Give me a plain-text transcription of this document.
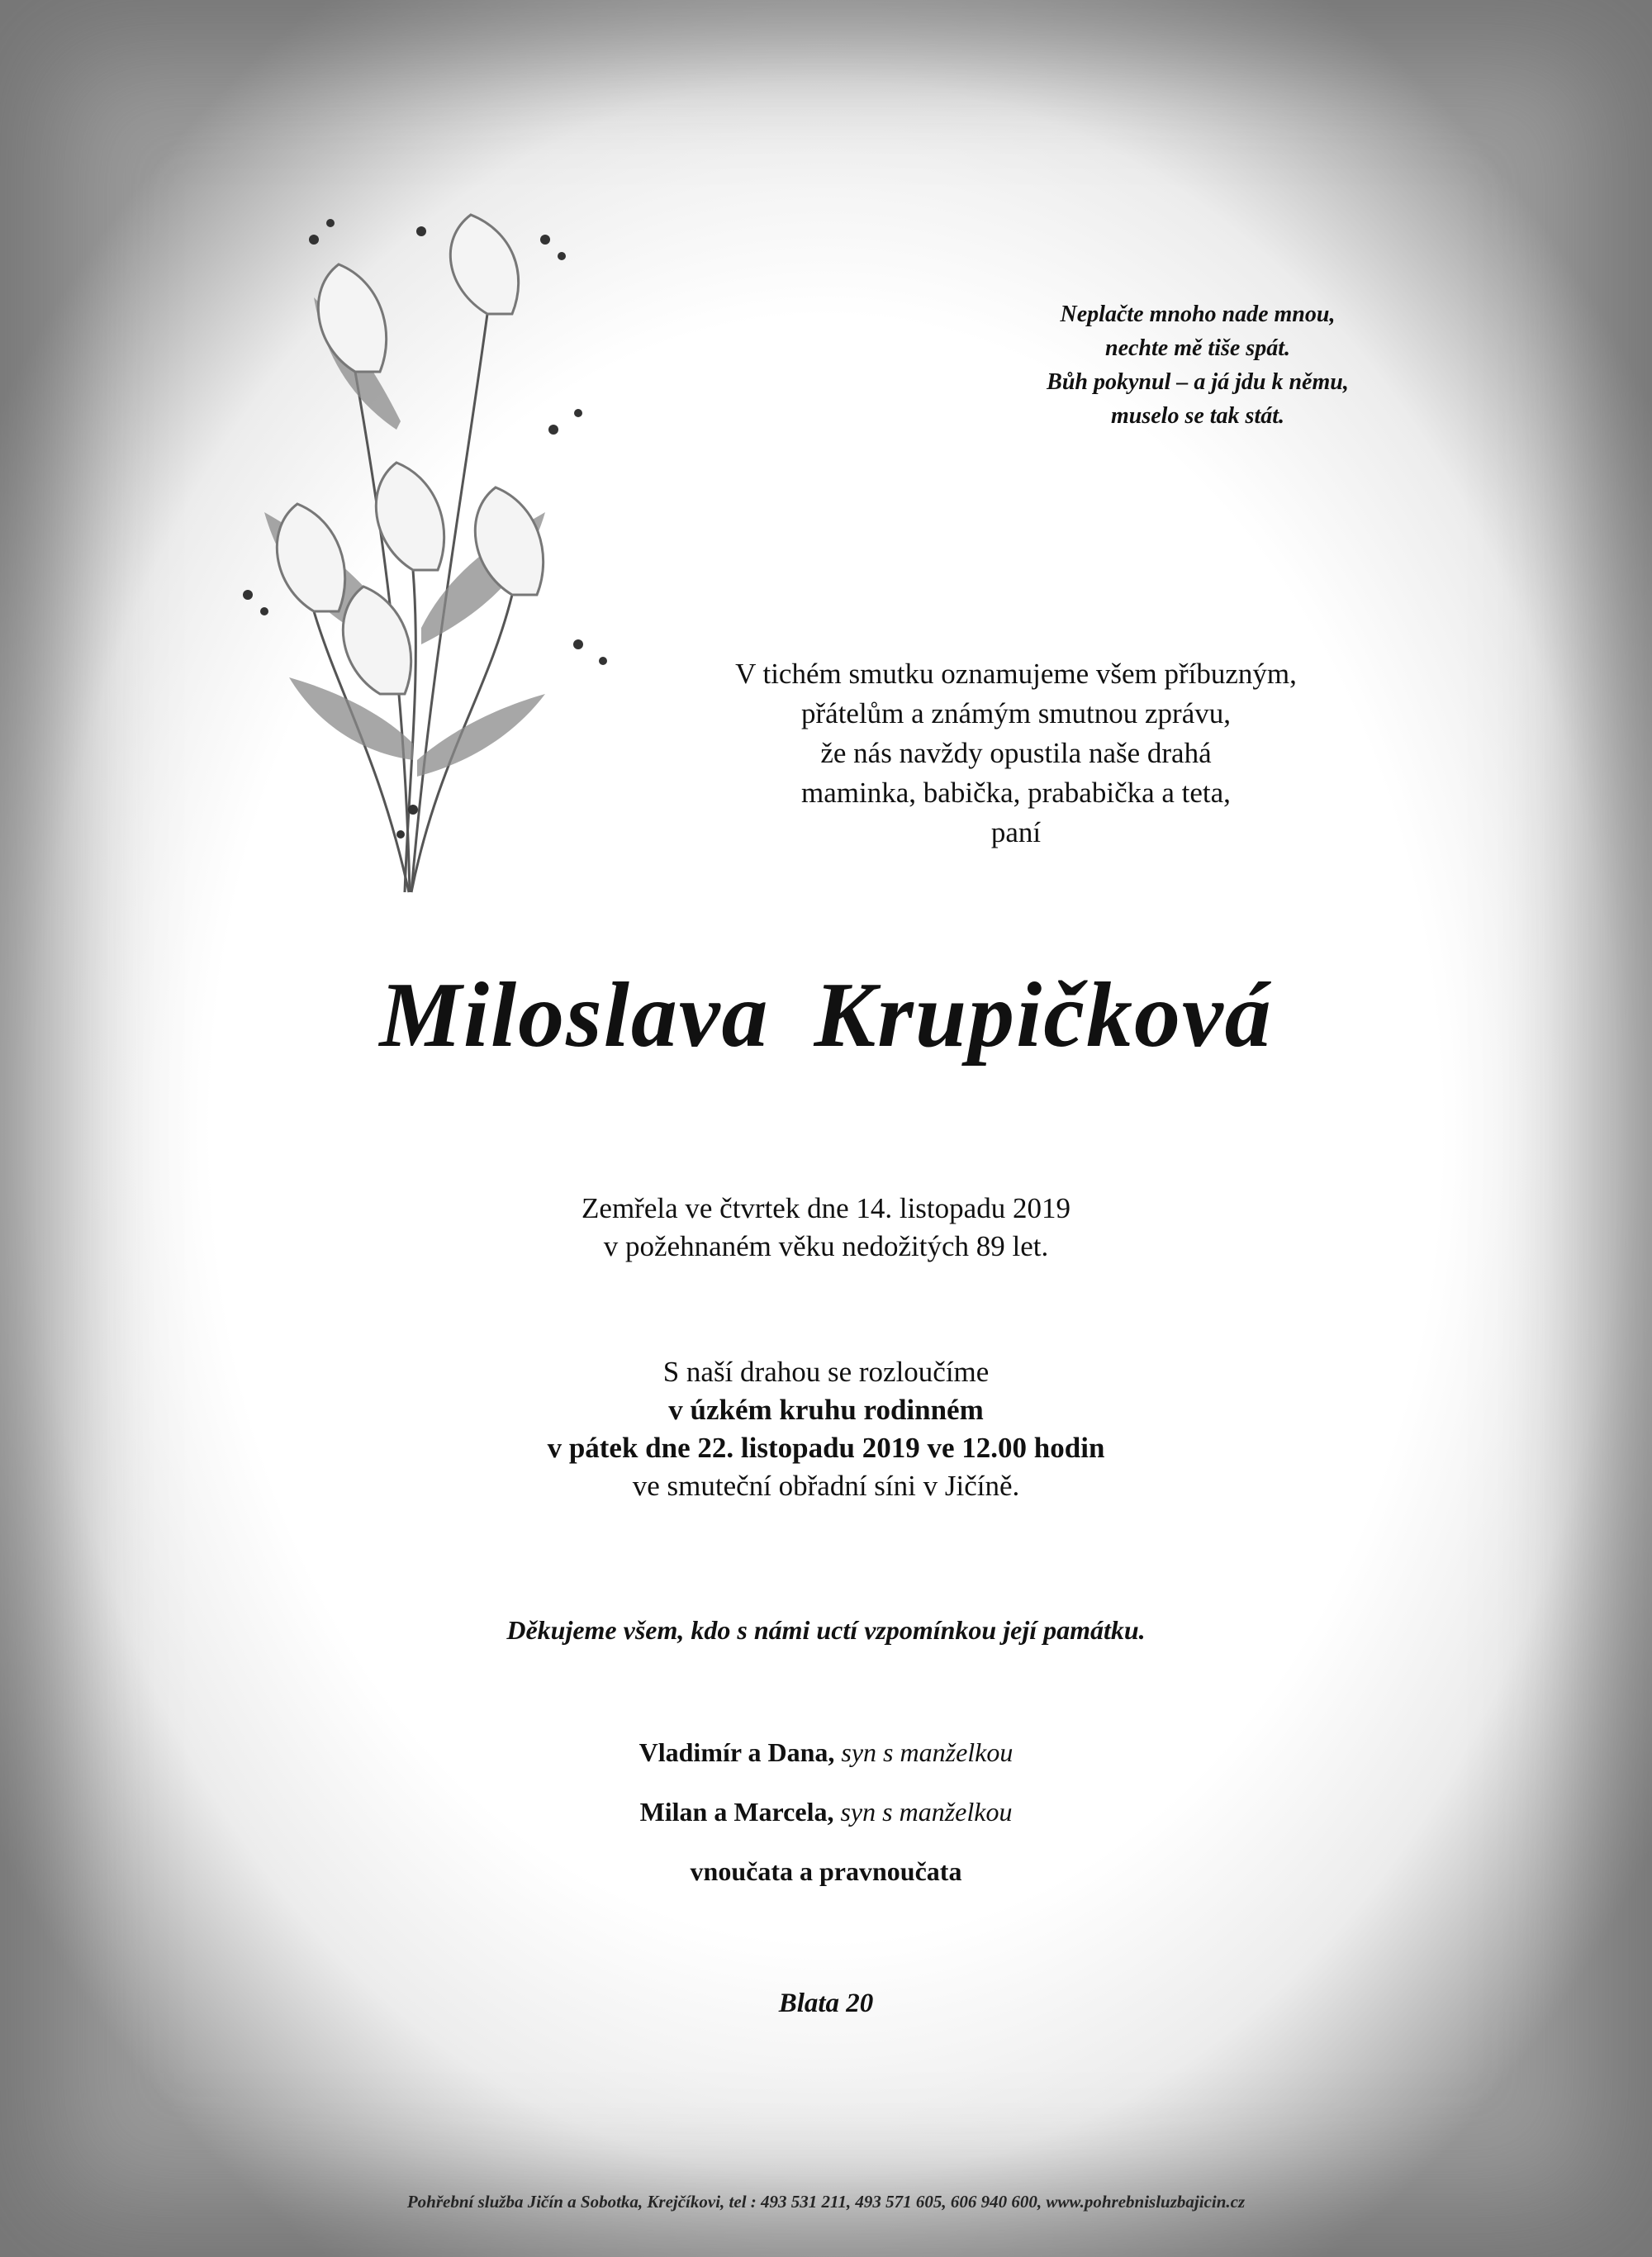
Neplačte mnoho nade mnou,
nechte mě tiše spát.
Bůh pokynul – a já jdu k němu,
muselo se tak stát.
V tichém smutku oznamujeme všem příbuzným,
přátelům a známým smutnou zprávu,
že nás navždy opustila naše drahá
maminka, babička, prababička a teta,
paní
Miloslava Krupičková
Zemřela ve čtvrtek dne 14. listopadu 2019
v požehnaném věku nedožitých 89 let.
S naší drahou se rozloučíme
v úzkém kruhu rodinném
v pátek dne 22. listopadu 2019 ve 12.00 hodin
ve smuteční obřadní síni v Jičíně.
Děkujeme všem, kdo s námi uctí vzpomínkou její památku.
Vladimír a Dana, syn s manželkou
Milan a Marcela, syn s manželkou
vnoučata a pravnoučata
Blata 20
Pohřební služba Jičín a Sobotka, Krejčíkovi, tel : 493 531 211, 493 571 605, 606 940 600, www.pohrebnisluzbajicin.cz
